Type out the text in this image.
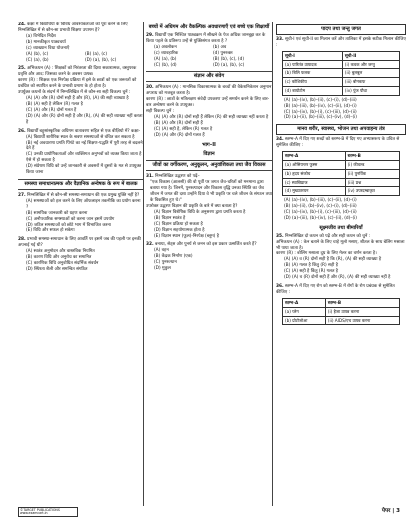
24. कक्षा में विद्यार्थियों के विविध आवश्यकताओं को पूरा करने के लिए निम्नलिखित में से कौन-सा प्रभावी शिक्षण उपागम है?
(a) विभेदित निर्देश
(b) मानकीकृत पाठ्यचर्या
(c) व्याख्यान विधा योजनाएँ
(A) (b), (c)	(B) (a), (c)
(C) (a), (b)	(D) (a), (b), (c)
25. अभिकथन (A) : शिक्षकों को निरंतरता की दिशा सकारात्मक, वस्तुपरक प्रवृत्ति और आद: जिसका करने के अवसर उत्पन्न।
कारण (R) : शिक्षक एक निरपेक्ष प्रक्रिया में इसे के छात्रों को एक जरूरतों को प्रबंधित को स्थापित करने के प्रभावी प्रमाण के हो होता है।
उपर्युक्त कथनों के संदर्भ में निम्नलिखित में से कौन-सा सही विकल्प चुनें :
(A) (A) और (R) दोनों सही हैं और (R), (A) की सही व्याख्या है
(B) (A) सही है लेकिन (R) गलत है
(C) (A) और (R) दोनों गलत हैं
(D) (A) और (R) दोनों सही हैं और (R), (A) की सही व्याख्या नहीं करता है
26. विद्यार्थी बहुसांस्कृतिक अधिगम वातावरण सहित से एक बीज़ियो में? कक्षा-
(A) विद्यार्थी शारीरिक स्थल के श्रवण समस्याओं से वंचित कर सकता है
(B) नई अवधारणा प्रगति पिंगंटे का नई शिक्षण-पद्धति में पूरी तरह से बदलने देते हैं
(C) उनकी प्रायोगिकताओं और व्यक्तिगत अनुभवों को व्यक्त किया जाता है ऐसे में हो सकता है
(D) संप्रेषण विधि को उन्हें जानकारी से अवसरों में दूसरों के मत से उपयुक्त किया जाना
समस्या समाधानात्मक और वैज्ञानिक अन्वेषक के रूप में बालक
27. निम्नलिखित में से कौन-सी समस्या-समाधान की एक प्रमुख युक्ति नहीं है?
(A) समस्याओं को हल करने के लिए ऑफलाइन तकनीकि का प्रयोग करना ?
(B) सामयिक जानकारी को ग्रहण करना
(C) अनौपचारिक समस्याओं को करना जान इसमें उपयोग
(D) जटिल समस्याओं को छोटे भाग में विभाजित करना
(E) विधि और सफल हो सकेगा
28. प्रभावी समस्या-समाधान के लिए आवर्ति पर इसमें जब की पहली पर इनकी अपनाई गई थी?
(A) स्वतंत्र अनुमोदन और वास्तविक नियमित
(B) कारण विधि और अनुरोध का समानित
(C) कारणिक विधि अनुवोधित संदर्भिक संवर्धन
(D) स्थिरता शैली और समन्वित संगठित
बच्चों में अधिगम और वैकल्पिक अवधारणाएँ एवं बच्चे एक शिक्षार्थी
29. विद्यार्थी एक निश्चित पाठ्यक्रम में सीखने के पेज अधिक जानबूझ कर के किया पहले के प्रतिरूप उन्हें से युक्तिसंगत करता है ?
(a) अवलोकन	(b) अव
(c) व्यावहारिक	(d) पुनरुक्त
(A) (a), (b)	(B) (b), (c), (d)
(C) (b), (d)	(D) (a), (b), (c)
संज्ञान और संवेग
30. अभिकथन (A) : मानसिक विकासात्मक के बच्चों की वैकेशनिकेशन अनुमान अपराध को मजबूत करता है।
कारण (R) : छात्रों के मतिलक्षण संवेदी उपकरण उन्हें समर्थन करने के लिए बार-बार अन्वेषण करने के उपयुक्त।
सही विकल्प चुनें :
(A) (A) और (R) दोनों सही हैं लेकिन (R) की सही व्याख्या नहीं करता है
(B) (A) और (R) दोनों सही हैं
(C) (A) सही है, लेकिन (R) गलत है
(D) (A) और (R) दोनों गलत हैं
भाग–II
विज्ञान
जीवों का वर्गीकरण, अनुकूलन, अनुवांशिकता तथा जैव विकास
31. निम्नलिखित उद्धरण को पढ़ें–
"एक विकास (आलसी) की वो पूर्वी पर जगत जैव-चरितों को मनमाना द्वारा बताया गया है। जिनमें, पुनरुत्पादन और विकास वृद्धि उनका स्थिति का जैव जीवन में जगत की दशा उन्होंने दिया वे भी प्रकृति पर चले जीवन के संगठन तथा के विकसित हुए थे।"
उपरोक्त उद्धरण विज्ञान की प्रकृति के बारे में क्या बताता है?
(A) विज्ञान विशेषिक विधि के अनुसरण द्वारा प्रगति करता है
(B) विज्ञान स्वतंत्र है
(C) विज्ञान प्रक्रिया हो सकता है
(D) विज्ञान सहयोगात्मक होता है
(E) विज्ञान स्थान (फूल)-निरपेक्ष (ब्लूम) है
32. बनाया, सेट्स और पुनर्य से जनन को इस प्रकार उत्सर्जित करते हैं?
(A) वहन
(B) केंद्रक निर्माण (एक)
(C) पुनरुत्थान
(D) मुकुल
पादप तथा जन्तु जगत
33. सूची-I एवं सूची-II का मिलान करें और तालिका में इसके सटीक मिलान कीजिए :
सूची-I	सूची-II
(a) पारितंत्र उत्पादक	(i) कवक और जन्तु
(b) बिलि फलक	(ii) बुलबुल
(c) कोशिकीय	(iii) बोनकफ
(d) बायोटोम	(iv) पुंज पौधा
(A) (a)–(iv), (b)–(ii), (c)–(i), (d)–(iii)
(B) (a)–(iii), (b)–(iv), (c)–(ii), (d)–(i)
(C) (a)–(iv), (b)–(i), (c)–(iii), (d)–(ii)
(D) (a)–(ii), (b)–(iii), (c)–(iv), (d)–(i)
मानव शरीर, स्वास्थ्य, भोजन तथा अपवाहन्य तंत्र
34. स्तम्भ-A में दिए गए शब्दों को स्तम्भ-B में दिए गए अभ्यासरूप के उचित से सुमेलित कीजिए :
स्तम्भ-A	स्तम्भ-B
(a) ओसियन्तर फुस्स	(i) कीवल्ड
(b) हृदय संकोच	(ii) पुनर्विक
(c) स्वास्रिप्राज	(iii) प्रश्न
(d) मुख्यतरयन	(iv) उपरदम्बाकृत
(A) (a)–(iv), (b)–(iii), (c)–(ii), (d)–(i)
(B) (a)–(ii), (b)–(iv), (c)–(i), (d)–(iii)
(C) (a)–(iv), (b)–(i), (c)–(iii), (d)–(ii)
(D) (a)–(iii), (b)–(iv), (c)–(ii), (d)–(i)
सूक्ष्मजीव तथा बीमारियाँ
35. निम्नलिखित दो कथन को पढ़ें और सही कथन को चुनें :
अभिकथन (A) : केन बताने के लिए चाहे मूलो मसाए, शीतल के साथ बेलिंग मसाला भी पाया जाता है।
कारण (R) : बोलिंग मसाला दूध के लिए मेलर का वर्णन करता है।
(A) (A) व (R) दोनों सही है कि (R), (A) की सही व्याख्या है
(B) (A) गलत है किंतु (R) सही है
(C) (A) सही है किंतु (R) गलत है
(D) (A) व (R) दोनों सही हैं और (R), (A) की सही व्याख्या नहीं है
36. स्तम्भ-A में दिए गए रोग को स्तम्भ-B में रोगों के रोग प्रबंधक से सुमेलित कीजिए :
स्तम्भ-A	स्तम्भ-B
(a) प्लेग	(i) हैजा उत्पन्न करना
(b) प्रोटोजोआ	(ii) AIDS/एच उत्पन्न करना
©TARGET PUBLICATIONS
www.examcart.in	पेपर | 3
